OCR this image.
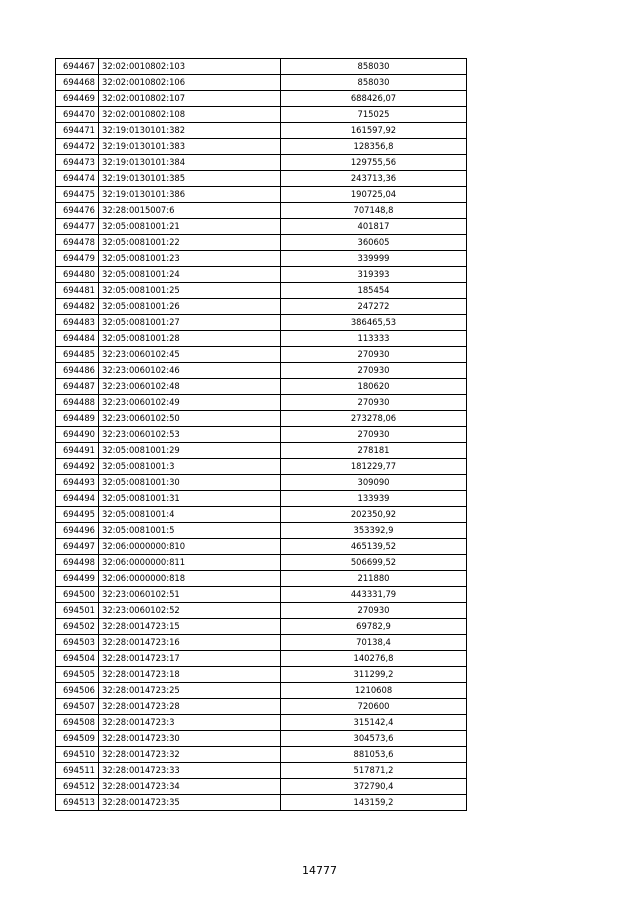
694467	32:02:0010802:103	858030
694468	32:02:0010802:106	858030
694469	32:02:0010802:107	688426,07
694470	32:02:0010802:108	715025
694471	32:19:0130101:382	161597,92
694472	32:19:0130101:383	128356,8
694473	32:19:0130101:384	129755,56
694474	32:19:0130101:385	243713,36
694475	32:19:0130101:386	190725,04
694476	32:28:0015007:6	707148,8
694477	32:05:0081001:21	401817
694478	32:05:0081001:22	360605
694479	32:05:0081001:23	339999
694480	32:05:0081001:24	319393
694481	32:05:0081001:25	185454
694482	32:05:0081001:26	247272
694483	32:05:0081001:27	386465,53
694484	32:05:0081001:28	113333
694485	32:23:0060102:45	270930
694486	32:23:0060102:46	270930
694487	32:23:0060102:48	180620
694488	32:23:0060102:49	270930
694489	32:23:0060102:50	273278,06
694490	32:23:0060102:53	270930
694491	32:05:0081001:29	278181
694492	32:05:0081001:3	181229,77
694493	32:05:0081001:30	309090
694494	32:05:0081001:31	133939
694495	32:05:0081001:4	202350,92
694496	32:05:0081001:5	353392,9
694497	32:06:0000000:810	465139,52
694498	32:06:0000000:811	506699,52
694499	32:06:0000000:818	211880
694500	32:23:0060102:51	443331,79
694501	32:23:0060102:52	270930
694502	32:28:0014723:15	69782,9
694503	32:28:0014723:16	70138,4
694504	32:28:0014723:17	140276,8
694505	32:28:0014723:18	311299,2
694506	32:28:0014723:25	1210608
694507	32:28:0014723:28	720600
694508	32:28:0014723:3	315142,4
694509	32:28:0014723:30	304573,6
694510	32:28:0014723:32	881053,6
694511	32:28:0014723:33	517871,2
694512	32:28:0014723:34	372790,4
694513	32:28:0014723:35	143159,2
14777
